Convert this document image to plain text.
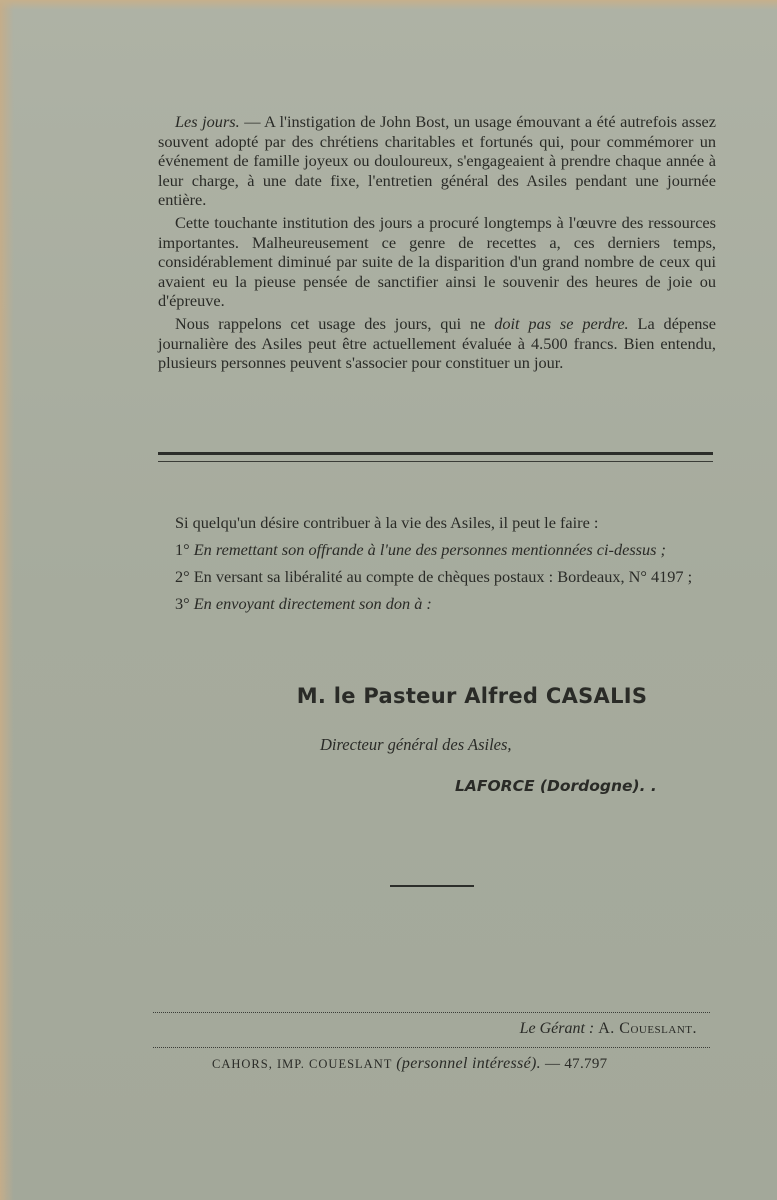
Les jours. — A l'instigation de John Bost, un usage émouvant a été autrefois assez souvent adopté par des chrétiens charitables et fortunés qui, pour commémorer un événement de famille joyeux ou douloureux, s'engageaient à prendre chaque année à leur charge, à une date fixe, l'entretien général des Asiles pendant une journée entière.

Cette touchante institution des jours a procuré longtemps à l'œuvre des ressources importantes. Malheureusement ce genre de recettes a, ces derniers temps, considérablement diminué par suite de la disparition d'un grand nombre de ceux qui avaient eu la pieuse pensée de sanctifier ainsi le souvenir des heures de joie ou d'épreuve.

Nous rappelons cet usage des jours, qui ne doit pas se perdre. La dépense journalière des Asiles peut être actuellement évaluée à 4.500 francs. Bien entendu, plusieurs personnes peuvent s'associer pour constituer un jour.

Si quelqu'un désire contribuer à la vie des Asiles, il peut le faire :

1° En remettant son offrande à l'une des personnes mentionnées ci-dessus ;

2° En versant sa libéralité au compte de chèques postaux : Bordeaux, N° 4197 ;

3° En envoyant directement son don à :

M. le Pasteur Alfred CASALIS
Directeur général des Asiles,
LAFORCE (Dordogne). .
Le Gérant : A. Coueslant.
CAHORS, IMP. COUESLANT (personnel intéressé). — 47.797
